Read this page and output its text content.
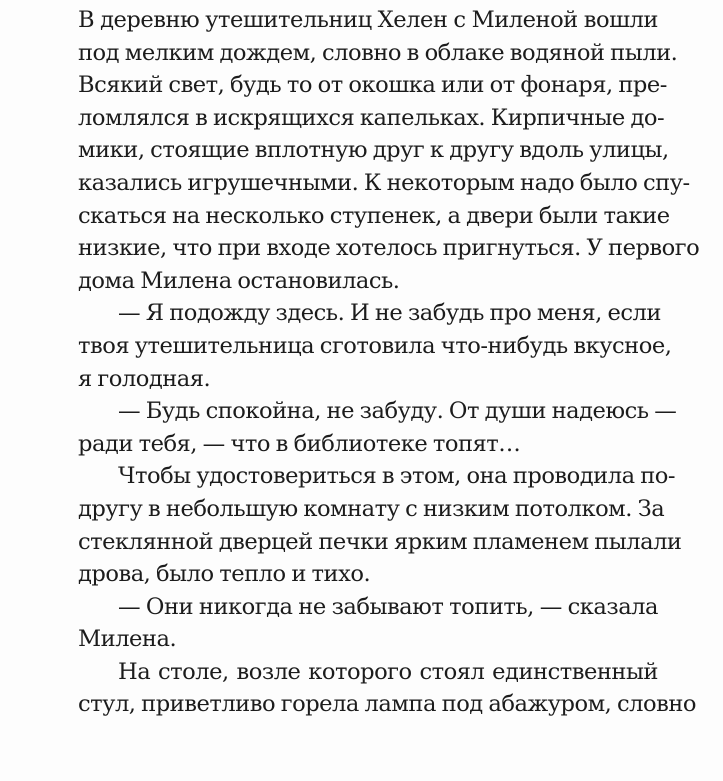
В деревню утешительниц Хелен с Миленой вошли
под мелким дождем, словно в облаке водяной пыли.
Всякий свет, будь то от окошка или от фонаря, пре-
ломлялся в искрящихся капельках. Кирпичные до-
мики, стоящие вплотную друг к другу вдоль улицы,
казались игрушечными. К некоторым надо было спу-
скаться на несколько ступенек, а двери были такие
низкие, что при входе хотелось пригнуться. У первого
дома Милена остановилась.
— Я подожду здесь. И не забудь про меня, если
твоя утешительница сготовила что-нибудь вкусное,
я голодная.
— Будь спокойна, не забуду. От души надеюсь —
ради тебя, — что в библиотеке топят…
Чтобы удостовериться в этом, она проводила по-
другу в небольшую комнату с низким потолком. За
стеклянной дверцей печки ярким пламенем пылали
дрова, было тепло и тихо.
— Они никогда не забывают топить, — сказала
Милена.
На столе, возле которого стоял единственный
стул, приветливо горела лампа под абажуром, словно
